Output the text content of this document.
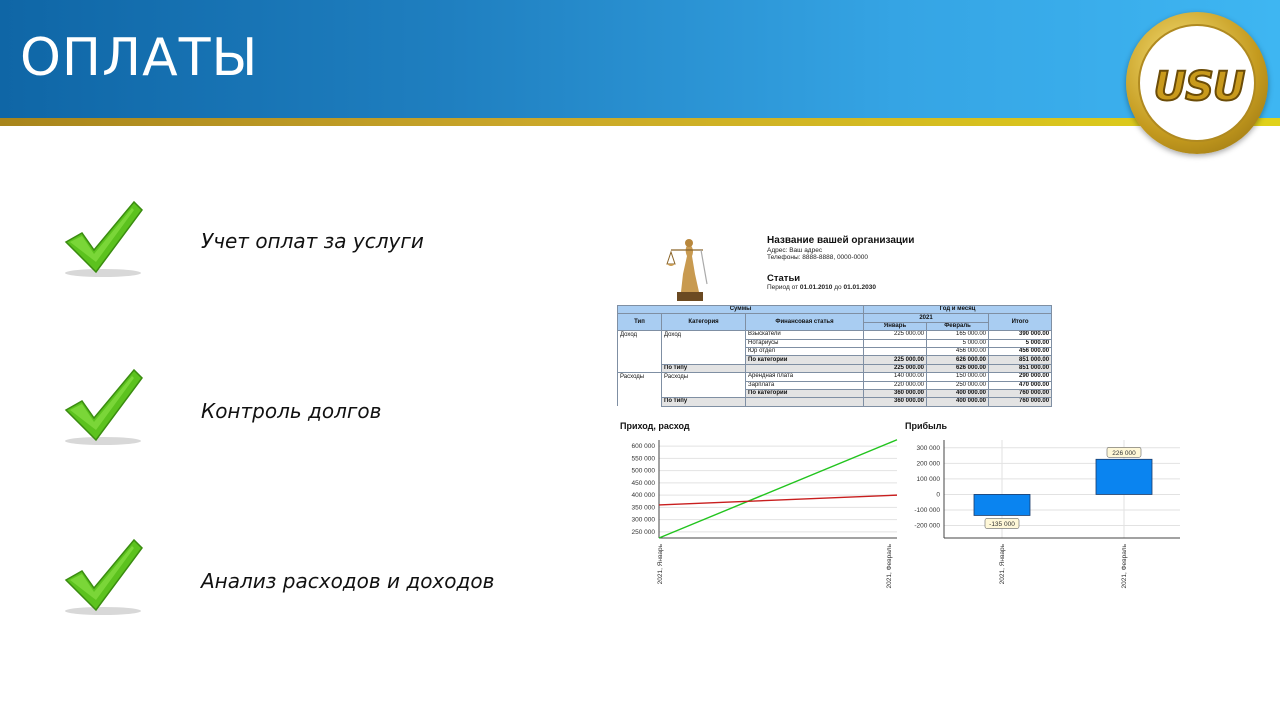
ОПЛАТЫ	USU
Учет оплат за услуги
Контроль долгов
Анализ расходов и доходов
Название вашей организации
Адрес: Ваш адрес
Телефоны: 8888-8888, 0000-0000
Статьи
Период от 01.01.2010 до 01.01.2030
Суммы			Год и месяц		
Тип	Категория	Финансовая статья	2021		Итого
			Январь	Февраль	
Доход	Доход	Взыскатели	225 000.00	165 000.00	390 000.00
		Нотариусы		5 000.00	5 000.00
		Юр отдел		456 000.00	456 000.00
		По категории	225 000.00	626 000.00	851 000.00
	По типу		225 000.00	626 000.00	851 000.00
Расходы	Расходы	Арендная плата	140 000.00	150 000.00	290 000.00
		Зарплата	220 000.00	250 000.00	470 000.00
		По категории	360 000.00	400 000.00	760 000.00
	По типу		360 000.00	400 000.00	760 000.00
Приход, расход
250 000
300 000
350 000
400 000
450 000
500 000
550 000
600 000
2021, Январь	2021, Февраль
Прибыль
-200 000
-100 000
0
100 000
200 000
300 000
-135 000
226 000
2021, Январь	2021, Февраль
